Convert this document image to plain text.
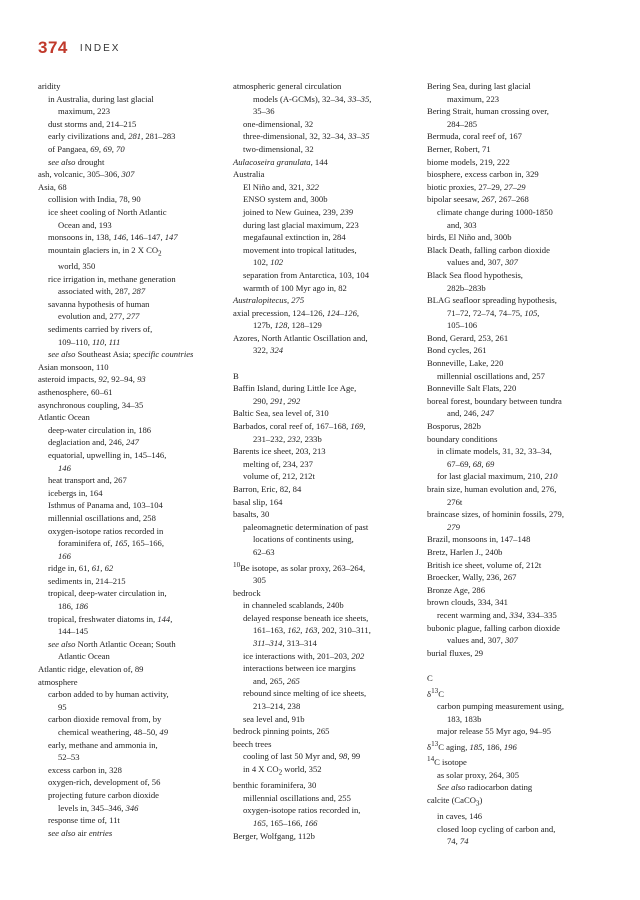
374 INDEX
aridity
in Australia, during last glacial
maximum, 223
dust storms and, 214–215
early civilizations and, 281, 281–283
of Pangaea, 69, 69, 70
see also drought
ash, volcanic, 305–306, 307
Asia, 68
collision with India, 78, 90
ice sheet cooling of North Atlantic
Ocean and, 193
monsoons in, 138, 146, 146–147, 147
mountain glaciers in, in 2 X $CO_2$
world, 350
rice irrigation in, methane generation
associated with, 287, 287
savanna hypothesis of human
evolution and, 277, 277
sediments carried by rivers of,
109–110, 110, 111
see also Southeast Asia; specific countries
Asian monsoon, 110
asteroid impacts, 92, 92–94, 93
asthenosphere, 60–61
asynchronous coupling, 34–35
Atlantic Ocean
deep-water circulation in, 186
deglaciation and, 246, 247
equatorial, upwelling in, 145–146,
146
heat transport and, 267
icebergs in, 164
Isthmus of Panama and, 103–104
millennial oscillations and, 258
oxygen-isotope ratios recorded in
foraminifera of, 165, 165–166,
166
ridge in, 61, 61, 62
sediments in, 214–215
tropical, deep-water circulation in,
186, 186
tropical, freshwater diatoms in, 144,
144–145
see also North Atlantic Ocean; South
Atlantic Ocean
Atlantic ridge, elevation of, 89
atmosphere
carbon added to by human activity,
95
carbon dioxide removal from, by
chemical weathering, 48–50, 49
early, methane and ammonia in,
52–53
excess carbon in, 328
oxygen-rich, development of, 56
projecting future carbon dioxide
levels in, 345–346, 346
response time of, 11t
see also air entries
atmospheric general circulation
models (A-GCMs), 32–34, 33–35,
35–36
one-dimensional, 32
three-dimensional, 32, 32–34, 33–35
two-dimensional, 32
Aulacoseira granulata, 144
Australia
El Niño and, 321, 322
ENSO system and, 300b
joined to New Guinea, 239, 239
during last glacial maximum, 223
megafaunal extinction in, 284
movement into tropical latitudes,
102, 102
separation from Antarctica, 103, 104
warmth of 100 Myr ago in, 82
Australopitecus, 275
axial precession, 124–126, 124–126,
127b, 128, 128–129
Azores, North Atlantic Oscillation and,
322, 324
B
Baffin Island, during Little Ice Age,
290, 291, 292
Baltic Sea, sea level of, 310
Barbados, coral reef of, 167–168, 169,
231–232, 232, 233b
Barents ice sheet, 203, 213
melting of, 234, 237
volume of, 212, 212t
Barron, Eric, 82, 84
basal slip, 164
basalts, 30
paleomagnetic determination of past
locations of continents using,
62–63
$^{10}$Be isotope, as solar proxy, 263–264,
305
bedrock
in channeled scablands, 240b
delayed response beneath ice sheets,
161–163, 162, 163, 202, 310–311,
311–314, 313–314
ice interactions with, 201–203, 202
interactions between ice margins
and, 265, 265
rebound since melting of ice sheets,
213–214, 238
sea level and, 91b
bedrock pinning points, 265
beech trees
cooling of last 50 Myr and, 98, 99
in 4 X $CO_2$ world, 352
benthic foraminifera, 30
millennial oscillations and, 255
oxygen-isotope ratios recorded in,
165, 165–166, 166
Berger, Wolfgang, 112b
Bering Sea, during last glacial
maximum, 223
Bering Strait, human crossing over,
284–285
Bermuda, coral reef of, 167
Berner, Robert, 71
biome models, 219, 222
biosphere, excess carbon in, 329
biotic proxies, 27–29, 27–29
bipolar seesaw, 267, 267–268
climate change during 1000-1850
and, 303
birds, El Niño and, 300b
Black Death, falling carbon dioxide
values and, 307, 307
Black Sea flood hypothesis,
282b–283b
BLAG seafloor spreading hypothesis,
71–72, 72–74, 74–75, 105,
105–106
Bond, Gerard, 253, 261
Bond cycles, 261
Bonneville, Lake, 220
millennial oscillations and, 257
Bonneville Salt Flats, 220
boreal forest, boundary between tundra
and, 246, 247
Bosporus, 282b
boundary conditions
in climate models, 31, 32, 33–34,
67–69, 68, 69
for last glacial maximum, 210, 210
brain size, human evolution and, 276,
276t
braincase sizes, of hominin fossils, 279,
279
Brazil, monsoons in, 147–148
Bretz, Harlen J., 240b
British ice sheet, volume of, 212t
Broecker, Wally, 236, 267
Bronze Age, 286
brown clouds, 334, 341
recent warming and, 334, 334–335
bubonic plague, falling carbon dioxide
values and, 307, 307
burial fluxes, 29
C
$\delta^{13}C$
carbon pumping measurement using,
183, 183b
major release 55 Myr ago, 94–95
$\delta^{13}C$ aging, 185, 186, 196
$^{14}$C isotope
as solar proxy, 264, 305
See also radiocarbon dating
calcite (CaCO$_3$)
in caves, 146
closed loop cycling of carbon and,
74, 74
